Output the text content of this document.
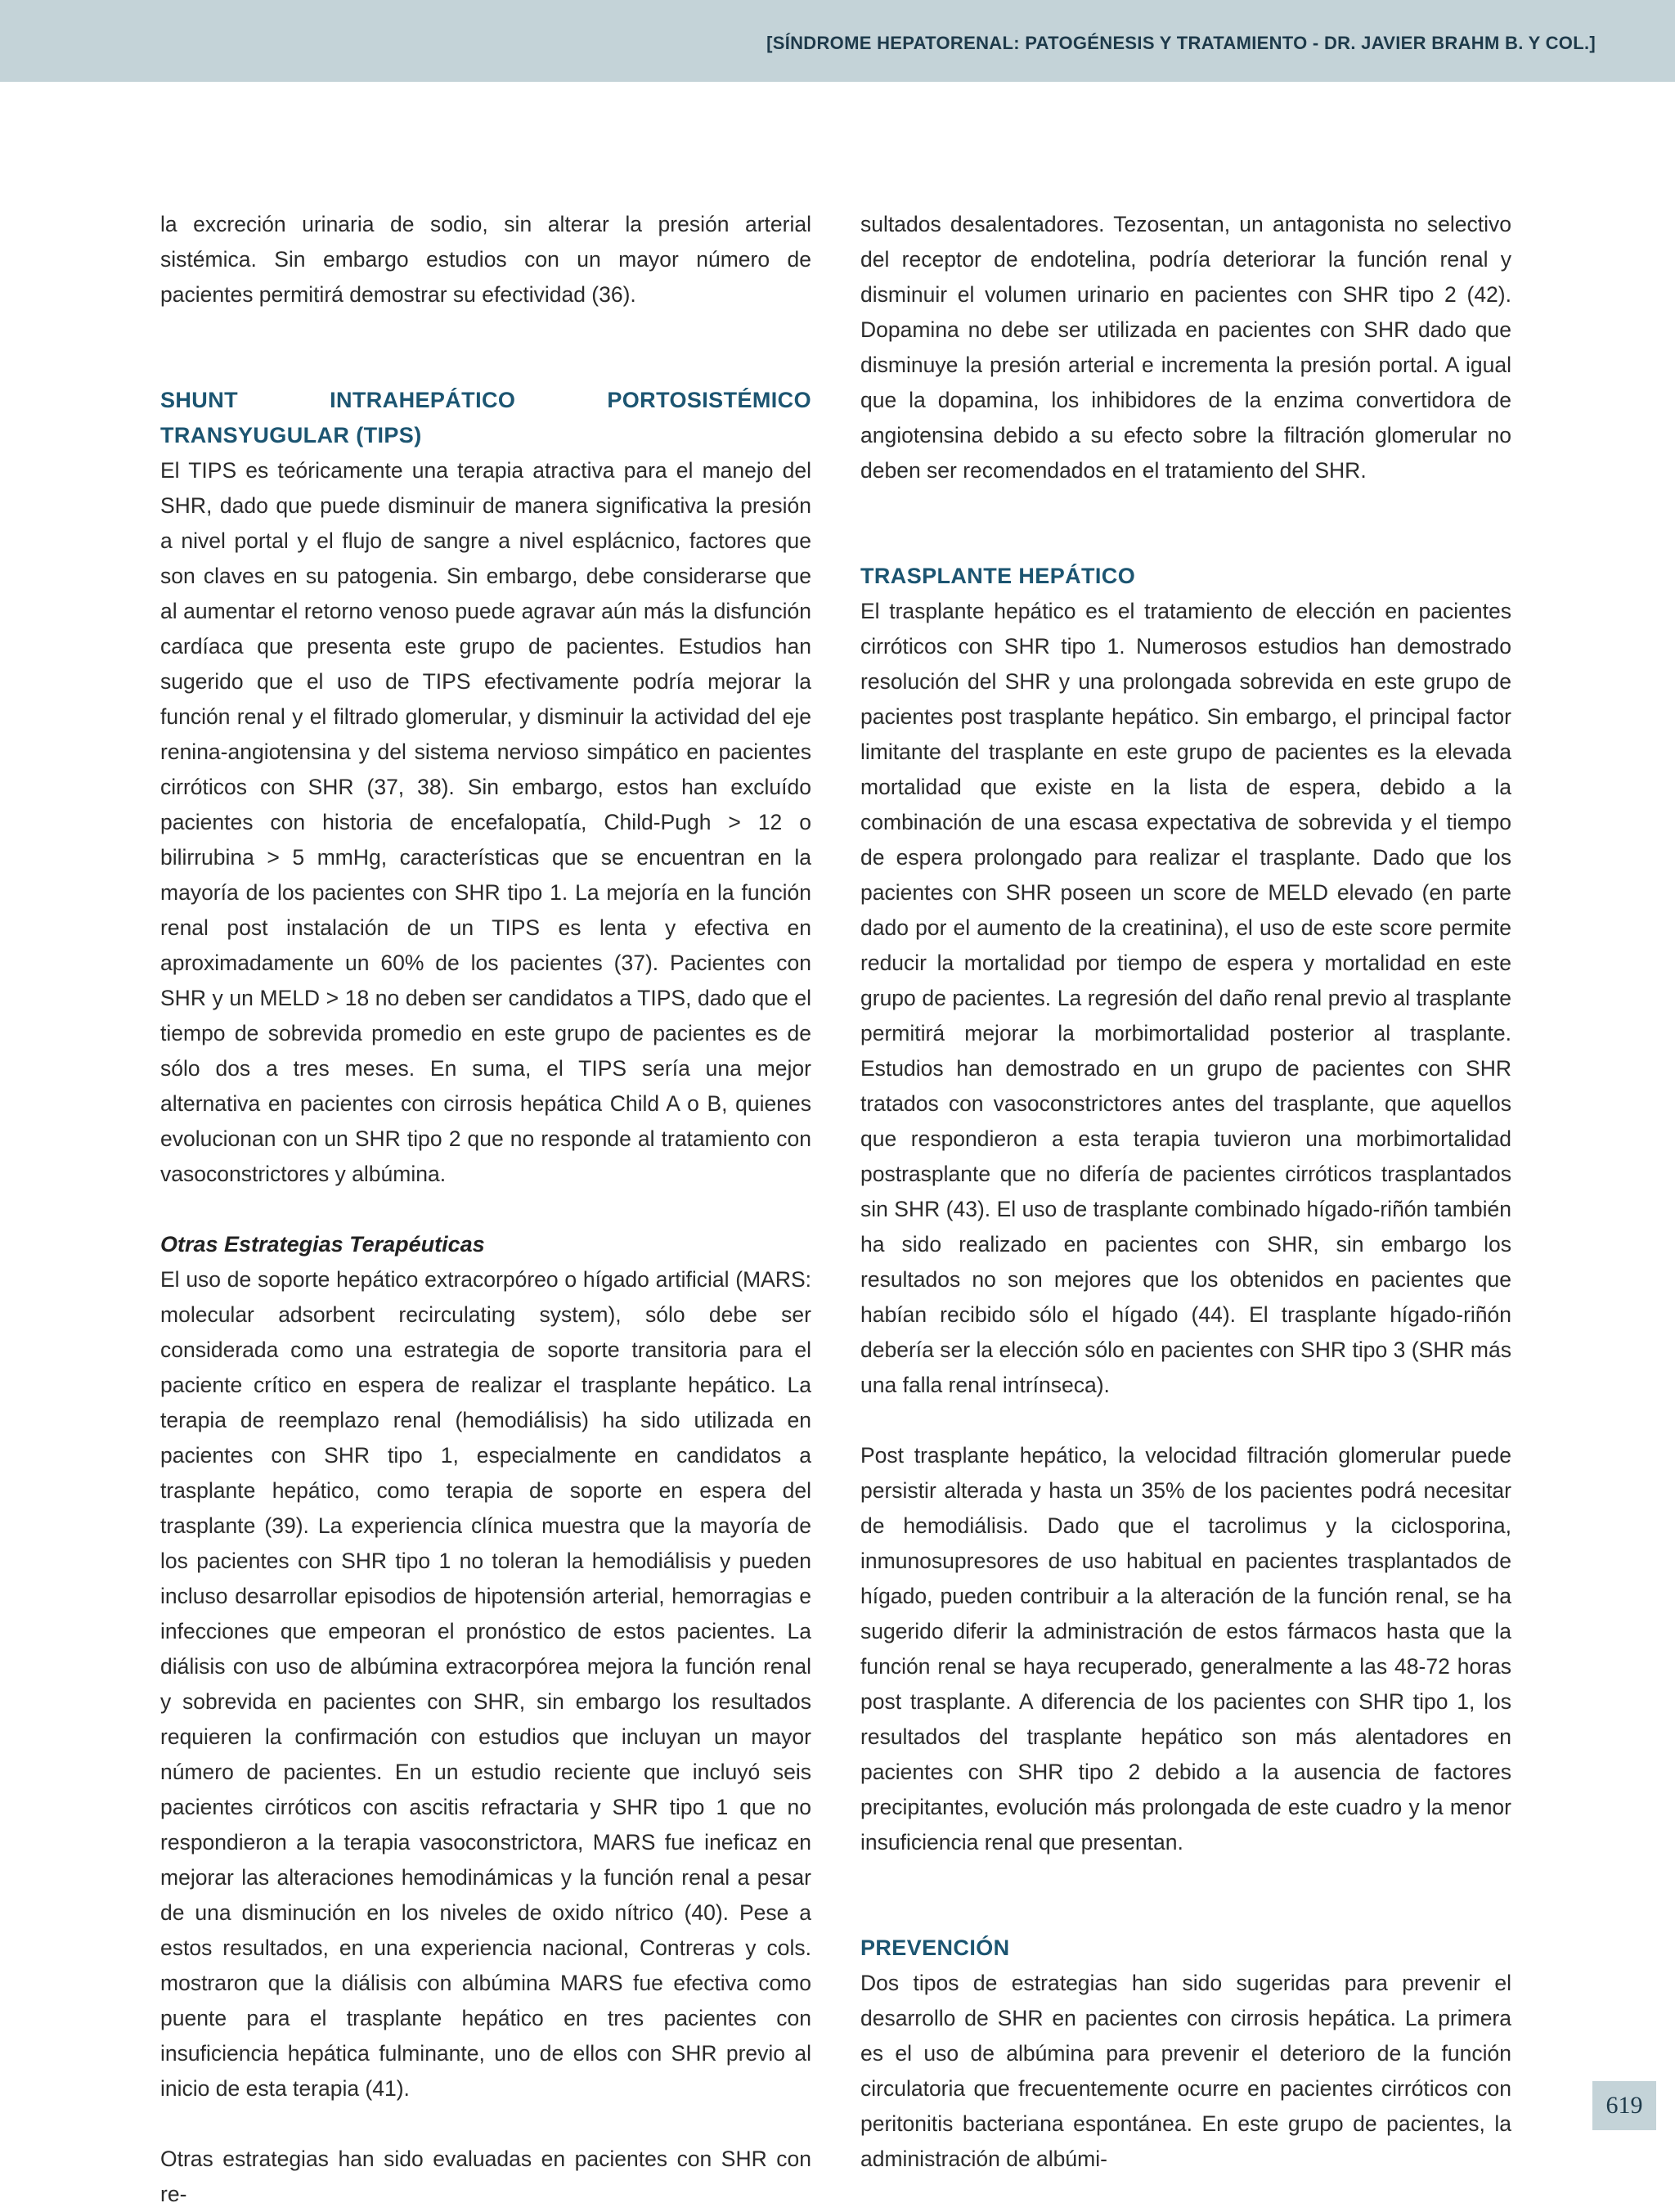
[SÍNDROME HEPATORENAL: PATOGÉNESIS Y TRATAMIENTO - DR. JAVIER BRAHM B. Y COL.]

la excreción urinaria de sodio, sin alterar la presión arterial sistémica. Sin embargo estudios con un mayor número de pacientes permitirá demostrar su efectividad (36).

SHUNT INTRAHEPÁTICO PORTOSISTÉMICO TRANSYUGULAR (TIPS)

El TIPS es teóricamente una terapia atractiva para el manejo del SHR, dado que puede disminuir de manera significativa la presión a nivel portal y el flujo de sangre a nivel esplácnico, factores que son claves en su patogenia. Sin embargo, debe considerarse que al aumentar el retorno venoso puede agravar aún más la disfunción cardíaca que presenta este grupo de pacientes. Estudios han sugerido que el uso de TIPS efectivamente podría mejorar la función renal y el filtrado glomerular, y disminuir la actividad del eje renina-angiotensina y del sistema nervioso simpático en pacientes cirróticos con SHR (37, 38). Sin embargo, estos han excluído pacientes con historia de encefalopatía, Child-Pugh > 12 o bilirrubina > 5 mmHg, características que se encuentran en la mayoría de los pacientes con SHR tipo 1. La mejoría en la función renal post instalación de un TIPS es lenta y efectiva en aproximadamente un 60% de los pacientes (37). Pacientes con SHR y un MELD > 18 no deben ser candidatos a TIPS, dado que el tiempo de sobrevida promedio en este grupo de pacientes es de sólo dos a tres meses. En suma, el TIPS sería una mejor alternativa en pacientes con cirrosis hepática Child A o B, quienes evolucionan con un SHR tipo 2 que no responde al tratamiento con vasoconstrictores y albúmina.

Otras Estrategias Terapéuticas

El uso de soporte hepático extracorpóreo o hígado artificial (MARS: molecular adsorbent recirculating system), sólo debe ser considerada como una estrategia de soporte transitoria para el paciente crítico en espera de realizar el trasplante hepático. La terapia de reemplazo renal (hemodiálisis) ha sido utilizada en pacientes con SHR tipo 1, especialmente en candidatos a trasplante hepático, como terapia de soporte en espera del trasplante (39). La experiencia clínica muestra que la mayoría de los pacientes con SHR tipo 1 no toleran la hemodiálisis y pueden incluso desarrollar episodios de hipotensión arterial, hemorragias e infecciones que empeoran el pronóstico de estos pacientes. La diálisis con uso de albúmina extracorpórea mejora la función renal y sobrevida en pacientes con SHR, sin embargo los resultados requieren la confirmación con estudios que incluyan un mayor número de pacientes. En un estudio reciente que incluyó seis pacientes cirróticos con ascitis refractaria y SHR tipo 1 que no respondieron a la terapia vasoconstrictora, MARS fue ineficaz en mejorar las alteraciones hemodinámicas y la función renal a pesar de una disminución en los niveles de oxido nítrico (40). Pese a estos resultados, en una experiencia nacional, Contreras y cols. mostraron que la diálisis con albúmina MARS fue efectiva como puente para el trasplante hepático en tres pacientes con insuficiencia hepática fulminante, uno de ellos con SHR previo al inicio de esta terapia (41).

Otras estrategias han sido evaluadas en pacientes con SHR con re-

sultados desalentadores. Tezosentan, un antagonista no selectivo del receptor de endotelina, podría deteriorar la función renal y disminuir el volumen urinario en pacientes con SHR tipo 2 (42). Dopamina no debe ser utilizada en pacientes con SHR dado que disminuye la presión arterial e incrementa la presión portal. A igual que la dopamina, los inhibidores de la enzima convertidora de angiotensina debido a su efecto sobre la filtración glomerular no deben ser recomendados en el tratamiento del SHR.

TRASPLANTE HEPÁTICO

El trasplante hepático es el tratamiento de elección en pacientes cirróticos con SHR tipo 1. Numerosos estudios han demostrado resolución del SHR y una prolongada sobrevida en este grupo de pacientes post trasplante hepático. Sin embargo, el principal factor limitante del trasplante en este grupo de pacientes es la elevada mortalidad que existe en la lista de espera, debido a la combinación de una escasa expectativa de sobrevida y el tiempo de espera prolongado para realizar el trasplante. Dado que los pacientes con SHR poseen un score de MELD elevado (en parte dado por el aumento de la creatinina), el uso de este score permite reducir la mortalidad por tiempo de espera y mortalidad en este grupo de pacientes. La regresión del daño renal previo al trasplante permitirá mejorar la morbimortalidad posterior al trasplante. Estudios han demostrado en un grupo de pacientes con SHR tratados con vasoconstrictores antes del trasplante, que aquellos que respondieron a esta terapia tuvieron una morbimortalidad postrasplante que no difería de pacientes cirróticos trasplantados sin SHR (43). El uso de trasplante combinado hígado-riñón también ha sido realizado en pacientes con SHR, sin embargo los resultados no son mejores que los obtenidos en pacientes que habían recibido sólo el hígado (44). El trasplante hígado-riñón debería ser la elección sólo en pacientes con SHR tipo 3 (SHR más una falla renal intrínseca).

Post trasplante hepático, la velocidad filtración glomerular puede persistir alterada y hasta un 35% de los pacientes podrá necesitar de hemodiálisis. Dado que el tacrolimus y la ciclosporina, inmunosupresores de uso habitual en pacientes trasplantados de hígado, pueden contribuir a la alteración de la función renal, se ha sugerido diferir la administración de estos fármacos hasta que la función renal se haya recuperado, generalmente a las 48-72 horas post trasplante. A diferencia de los pacientes con SHR tipo 1, los resultados del trasplante hepático son más alentadores en pacientes con SHR tipo 2 debido a la ausencia de factores precipitantes, evolución más prolongada de este cuadro y la menor insuficiencia renal que presentan.

PREVENCIÓN

Dos tipos de estrategias han sido sugeridas para prevenir el desarrollo de SHR en pacientes con cirrosis hepática. La primera es el uso de albúmina para prevenir el deterioro de la función circulatoria que frecuentemente ocurre en pacientes cirróticos con peritonitis bacteriana espontánea. En este grupo de pacientes, la administración de albúmi-

619
